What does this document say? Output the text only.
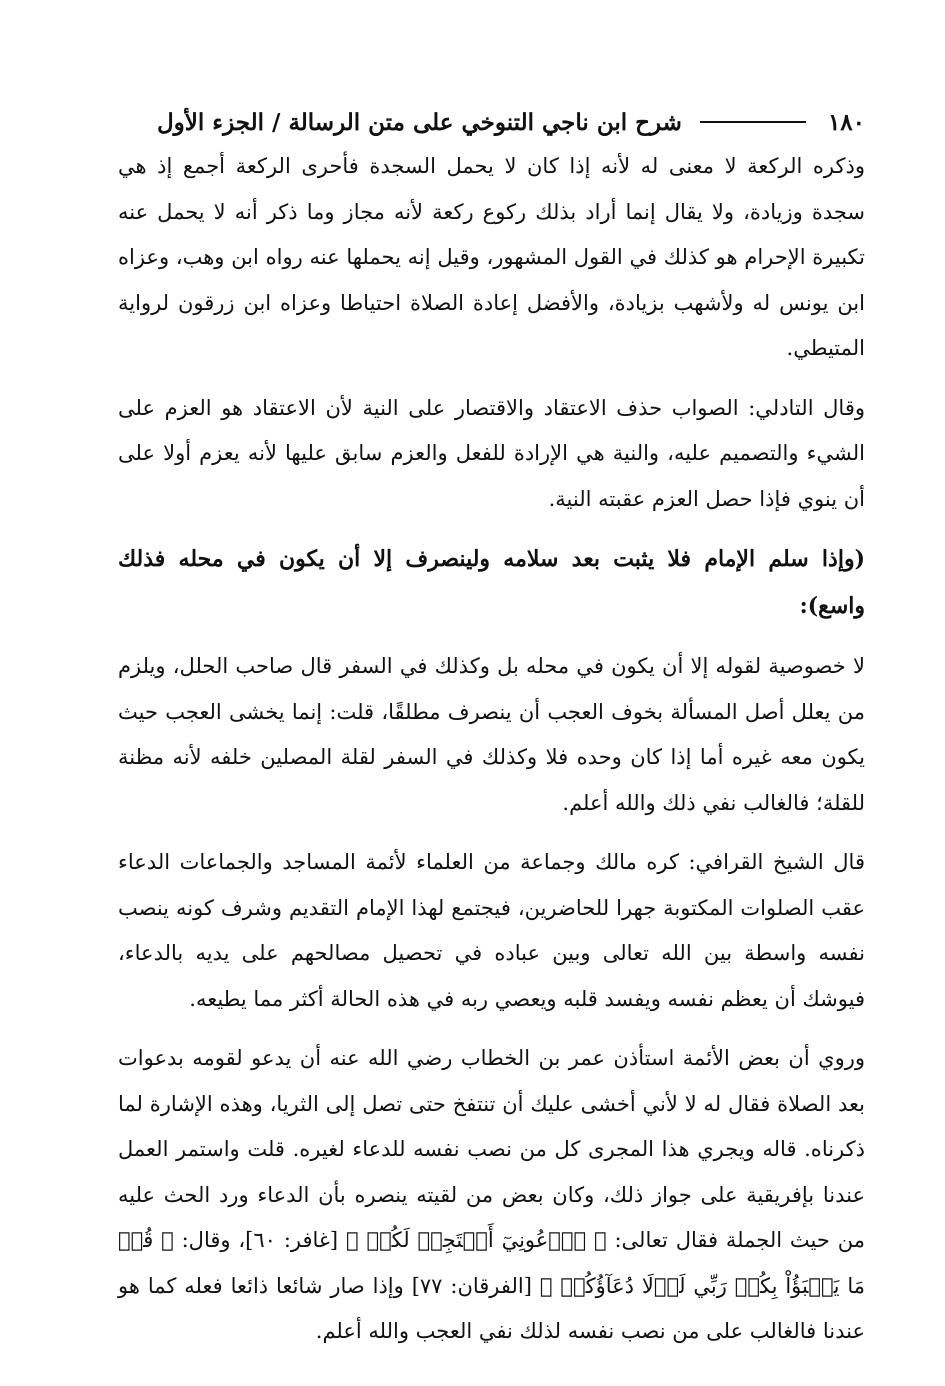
١٨٠
شرح ابن ناجي التنوخي على متن الرسالة / الجزء الأول

وذكره الركعة لا معنى له لأنه إذا كان لا يحمل السجدة فأحرى الركعة أجمع إذ هي سجدة وزيادة، ولا يقال إنما أراد بذلك ركوع ركعة لأنه مجاز وما ذكر أنه لا يحمل عنه تكبيرة الإحرام هو كذلك في القول المشهور، وقيل إنه يحملها عنه رواه ابن وهب، وعزاه ابن يونس له ولأشهب بزيادة، والأفضل إعادة الصلاة احتياطا وعزاه ابن زرقون لرواية المتيطي.

وقال التادلي: الصواب حذف الاعتقاد والاقتصار على النية لأن الاعتقاد هو العزم على الشيء والتصميم عليه، والنية هي الإرادة للفعل والعزم سابق عليها لأنه يعزم أولا على أن ينوي فإذا حصل العزم عقبته النية.

(وإذا سلم الإمام فلا يثبت بعد سلامه ولينصرف إلا أن يكون في محله فذلك واسع):

لا خصوصية لقوله إلا أن يكون في محله بل وكذلك في السفر قال صاحب الحلل، ويلزم من يعلل أصل المسألة بخوف العجب أن ينصرف مطلقًا، قلت: إنما يخشى العجب حيث يكون معه غيره أما إذا كان وحده فلا وكذلك في السفر لقلة المصلين خلفه لأنه مظنة للقلة؛ فالغالب نفي ذلك والله أعلم.

قال الشيخ القرافي: كره مالك وجماعة من العلماء لأئمة المساجد والجماعات الدعاء عقب الصلوات المكتوبة جهرا للحاضرين، فيجتمع لهذا الإمام التقديم وشرف كونه ينصب نفسه واسطة بين الله تعالى وبين عباده في تحصيل مصالحهم على يديه بالدعاء، فيوشك أن يعظم نفسه ويفسد قلبه ويعصي ربه في هذه الحالة أكثر مما يطيعه.

وروي أن بعض الأئمة استأذن عمر بن الخطاب رضي الله عنه أن يدعو لقومه بدعوات بعد الصلاة فقال له لا لأني أخشى عليك أن تنتفخ حتى تصل إلى الثريا، وهذه الإشارة لما ذكرناه. قاله ويجري هذا المجرى كل من نصب نفسه للدعاء لغيره. قلت واستمر العمل عندنا بإفريقية على جواز ذلك، وكان بعض من لقيته ينصره بأن الدعاء ورد الحث عليه من حيث الجملة فقال تعالى: ﴿ ٱدۡعُونِيٓ أَسۡتَجِبۡ لَكُمۡ ﴾ [غافر: ٦٠]، وقال: ﴿ قُلۡ مَا يَعۡبَؤُاْ بِكُمۡ رَبِّي لَوۡلَا دُعَآؤُكُمۡ ﴾ [الفرقان: ٧٧] وإذا صار شائعا ذائعا فعله كما هو عندنا فالغالب على من نصب نفسه لذلك نفي العجب والله أعلم.
